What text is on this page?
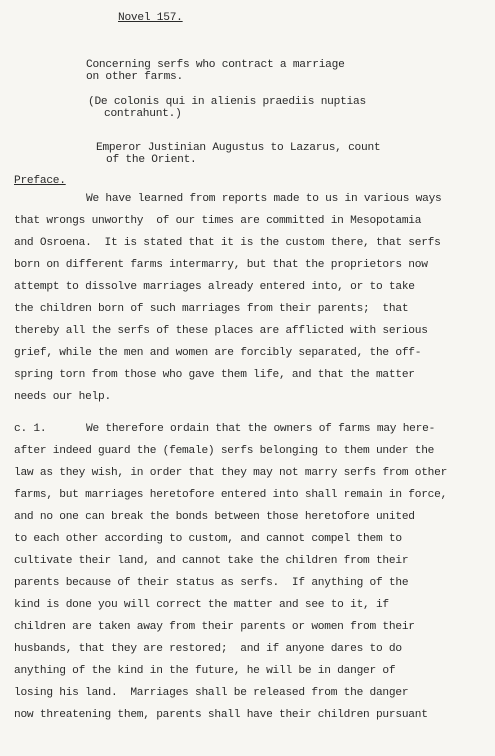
Novel 157.
Concerning serfs who contract a marriage
on other farms.
(De colonis qui in alienis praediis nuptias
contrahunt.)
Emperor Justinian Augustus to Lazarus, count
of the Orient.
Preface.
We have learned from reports made to us in various ways
that wrongs unworthy  of our times are committed in Mesopotamia
and Osroena.  It is stated that it is the custom there, that serfs
born on different farms intermarry, but that the proprietors now
attempt to dissolve marriages already entered into, or to take
the children born of such marriages from their parents;  that
thereby all the serfs of these places are afflicted with serious
grief, while the men and women are forcibly separated, the off-
spring torn from those who gave them life, and that the matter
needs our help.
c. 1.	We therefore ordain that the owners of farms may here-
after indeed guard the (female) serfs belonging to them under the
law as they wish, in order that they may not marry serfs from other
farms, but marriages heretofore entered into shall remain in force,
and no one can break the bonds between those heretofore united
to each other according to custom, and cannot compel them to
cultivate their land, and cannot take the children from their
parents because of their status as serfs.  If anything of the
kind is done you will correct the matter and see to it, if
children are taken away from their parents or women from their
husbands, that they are restored;  and if anyone dares to do
anything of the kind in the future, he will be in danger of
losing his land.  Marriages shall be released from the danger
now threatening them, parents shall have their children pursuant
